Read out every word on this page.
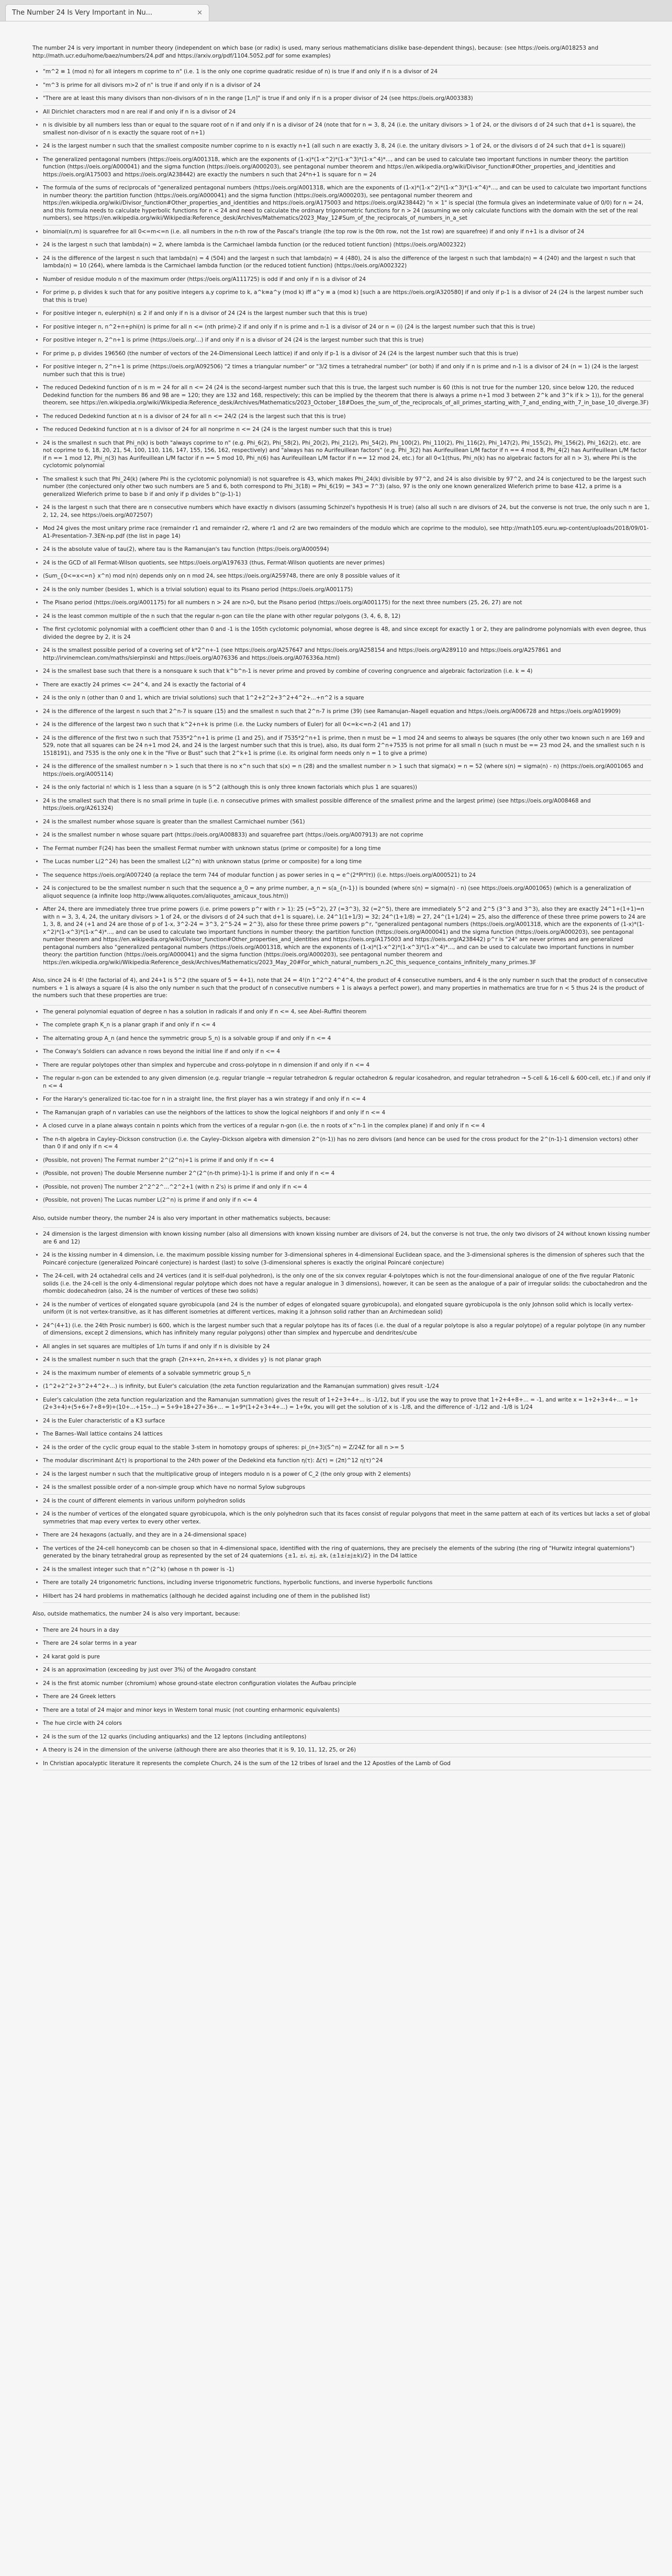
The Number 24 Is Very Important in Nu...	×

The number 24 is very important in number theory (independent on which base (or radix) is used, many serious mathematicians dislike base-dependent things), because: (see https://oeis.org/A018253 and http://math.ucr.edu/home/baez/numbers/24.pdf and https://arxiv.org/pdf/1104.5052.pdf for some examples)

• "m^2 ≡ 1 (mod n) for all integers m coprime to n" (i.e. 1 is the only one coprime quadratic residue of n) is true if and only if n is a divisor of 24
• "m^3 is prime for all divisors m>2 of n" is true if and only if n is a divisor of 24
• "There are at least this many divisors than non-divisors of n in the range [1,n]" is true if and only if n is a proper divisor of 24 (see https://oeis.org/A003383)
• All Dirichlet characters mod n are real if and only if n is a divisor of 24
• n is divisible by all numbers less than or equal to the square root of n if and only if n is a divisor of 24 (note that for n = 3, 8, 24 (i.e. the unitary divisors > 1 of 24, or the divisors d of 24 such that d+1 is square), the smallest non-divisor of n is exactly the square root of n+1)
• 24 is the largest number n such that the smallest composite number coprime to n is exactly n+1 (all such n are exactly 3, 8, 24 (i.e. the unitary divisors > 1 of 24, or the divisors d of 24 such that d+1 is square))
• The generalized pentagonal numbers (https://oeis.org/A001318, which are the exponents of (1-x)*(1-x^2)*(1-x^3)*(1-x^4)*..., and can be used to calculate two important functions in number theory: the partition function (https://oeis.org/A000041) and the sigma function (https://oeis.org/A000203), see pentagonal number theorem and https://en.wikipedia.org/wiki/Divisor_function#Other_properties_and_identities and https://oeis.org/A175003 and https://oeis.org/A238442) are exactly the numbers n such that 24*n+1 is square for n = 24
• The formula of the sums of reciprocals of "generalized pentagonal numbers (https://oeis.org/A001318, which are the exponents of (1-x)*(1-x^2)*(1-x^3)*(1-x^4)*..., and can be used to calculate two important functions in number theory: the partition function (https://oeis.org/A000041) and the sigma function (https://oeis.org/A000203), see pentagonal number theorem and https://en.wikipedia.org/wiki/Divisor_function#Other_properties_and_identities and https://oeis.org/A175003 and https://oeis.org/A238442) "n × 1" is special (the formula gives an indeterminate value of 0/0) for n = 24, and this formula needs to calculate hyperbolic functions for n < 24 and need to calculate the ordinary trigonometric functions for n > 24 (assuming we only calculate functions with the domain with the set of the real numbers), see https://en.wikipedia.org/wiki/Wikipedia:Reference_desk/Archives/Mathematics/2023_May_12#Sum_of_the_reciprocals_of_numbers_in_a_set
• binomial(n,m) is squarefree for all 0<=m<=n (i.e. all numbers in the n-th row of the Pascal's triangle (the top row is the 0th row, not the 1st row) are squarefree) if and only if n+1 is a divisor of 24
• 24 is the largest n such that lambda(n) = 2, where lambda is the Carmichael lambda function (or the reduced totient function) (https://oeis.org/A002322)
• 24 is the difference of the largest n such that lambda(n) = 4 (504) and the largest n such that lambda(n) = 4 (480), 24 is also the difference of the largest n such that lambda(n) = 4 (240) and the largest n such that lambda(n) = 10 (264), where lambda is the Carmichael lambda function (or the reduced totient function) (https://oeis.org/A002322)
• Number of residue modulo n of the maximum order (https://oeis.org/A111725) is odd if and only if n is a divisor of 24
• For prime p, p divides k such that for any positive integers a,y coprime to k, a^k≡a^y (mod k) iff a^y ≡ a (mod k) [such a are https://oeis.org/A320580] if and only if p-1 is a divisor of 24 (24 is the largest number such that this is true)
• For positive integer n, eulerphi(n) ≤ 2 if and only if n is a divisor of 24 (24 is the largest number such that this is true)
• For positive integer n, n^2+n+phi(n) is prime for all n <= (nth prime)-2 if and only if n is prime and n-1 is a divisor of 24 or n = (i) (24 is the largest number such that this is true)
• For positive integer n, 2^n+1 is prime (https://oeis.org/...) if and only if n is a divisor of 24 (24 is the largest number such that this is true)
• For prime p, p divides 196560 (the number of vectors of the 24-Dimensional Leech lattice) if and only if p-1 is a divisor of 24 (24 is the largest number such that this is true)
• For positive integer n, 2^n+1 is prime (https://oeis.org/A092506) "2 times a triangular number" or "3/2 times a tetrahedral number" (or both) if and only if n is prime and n-1 is a divisor of 24 (n = 1) (24 is the largest number such that this is true)
• The reduced Dedekind function of n is m = 24 for all n <= 24 (24 is the second-largest number such that this is true, the largest such number is 60 (this is not true for the number 120, since below 120, the reduced Dedekind function for the numbers 86 and 98 are = 120; they are 132 and 168, respectively; this can be implied by the theorem that there is always a prime n+1 mod 3 between 2^k and 3^k if k > 1)), for the general theorem, see https://en.wikipedia.org/wiki/Wikipedia:Reference_desk/Archives/Mathematics/2023_October_18#Does_the_sum_of_the_reciprocals_of_all_primes_starting_with_7_and_ending_with_7_in_base_10_diverge.3F)
• The reduced Dedekind function at n is a divisor of 24 for all n <= 24/2 (24 is the largest such that this is true)
• The reduced Dedekind function at n is a divisor of 24 for all nonprime n <= 24 (24 is the largest number such that this is true)
• 24 is the smallest n such that Phi_n(k) is both "always coprime to n" (e.g. Phi_6(2), Phi_58(2), Phi_20(2), Phi_21(2), Phi_54(2), Phi_100(2), Phi_110(2), Phi_116(2), Phi_147(2), Phi_155(2), Phi_156(2), Phi_162(2), etc. are not coprime to 6, 18, 20, 21, 54, 100, 110, 116, 147, 155, 156, 162, respectively) and "always has no Aurifeuillean factors" (e.g. Phi_3(2) has Aurifeuillean L/M factor if n == 4 mod 8, Phi_4(2) has Aurifeuillean L/M factor if n == 1 mod 12, Phi_n(3) has Aurifeuillean L/M factor if n == 5 mod 10, Phi_n(6) has Aurifeuillean L/M factor if n == 12 mod 24, etc.) for all 0<1(thus, Phi_n(k) has no algebraic factors for all n > 3), where Phi is the cyclotomic polynomial
• The smallest k such that Phi_24(k) (where Phi is the cyclotomic polynomial) is not squarefree is 43, which makes Phi_24(k) divisible by 97^2, and 24 is also divisible by 97^2, and 24 is conjectured to be the largest such number (the conjectured only other two such numbers are 5 and 6, both correspond to Phi_3(18) = Phi_6(19) = 343 = 7^3) (also, 97 is the only one known generalized Wieferich prime to base 412, a prime is a generalized Wieferich prime to base b if and only if p divides b^(p-1)-1)
• 24 is the largest n such that there are n consecutive numbers which have exactly n divisors (assuming Schinzel's hypothesis H is true) (also all such n are divisors of 24, but the converse is not true, the only such n are 1, 2, 12, 24, see https://oeis.org/A072507)
• Mod 24 gives the most unitary prime race (remainder r1 and remainder r2, where r1 and r2 are two remainders of the modulo which are coprime to the modulo), see http://math105.euru.wp-content/uploads/2018/09/01-A1-Presentation-7.3EN-np.pdf (the list in page 14)
• 24 is the absolute value of tau(2), where tau is the Ramanujan's tau function (https://oeis.org/A000594)
• 24 is the GCD of all Fermat-Wilson quotients, see https://oeis.org/A197633 (thus, Fermat-Wilson quotients are never primes)
• (Sum_{0<=x<=n} x^n) mod n(n) depends only on n mod 24, see https://oeis.org/A259748, there are only 8 possible values of it
• 24 is the only number (besides 1, which is a trivial solution) equal to its Pisano period (https://oeis.org/A001175)
• The Pisano period (https://oeis.org/A001175) for all numbers n > 24 are n>0, but the Pisano period (https://oeis.org/A001175) for the next three numbers (25, 26, 27) are not
• 24 is the least common multiple of the n such that the regular n-gon can tile the plane with other regular polygons (3, 4, 6, 8, 12)
• The first cyclotomic polynomial with a coefficient other than 0 and -1 is the 105th cyclotomic polynomial, whose degree is 48, and since except for exactly 1 or 2, they are palindrome polynomials with even degree, thus divided the degree by 2, it is 24
• 24 is the smallest possible period of a covering set of k*2^n+-1 (see https://oeis.org/A257647 and https://oeis.org/A258154 and https://oeis.org/A289110 and https://oeis.org/A257861 and http://irvinemclean.com/maths/sierpinski and https://oeis.org/A076336 and https://oeis.org/A076336a.html)
• 24 is the smallest base such that there is a nonsquare k such that k^b^n-1 is never prime and proved by combine of covering congruence and algebraic factorization (i.e. k = 4)
• There are exactly 24 primes <= 24^4, and 24 is exactly the factorial of 4
• 24 is the only n (other than 0 and 1, which are trivial solutions) such that 1^2+2^2+3^2+4^2+...+n^2 is a square
• 24 is the difference of the largest n such that 2^n-7 is square (15) and the smallest n such that 2^n-7 is prime (39) (see Ramanujan–Nagell equation and https://oeis.org/A006728 and https://oeis.org/A019909)
• 24 is the difference of the largest two n such that k^2+n+k is prime (i.e. the Lucky numbers of Euler) for all 0<=k<=n-2 (41 and 17)
• 24 is the difference of the first two n such that 7535*2^n+1 is prime (1 and 25), and if 7535*2^n+1 is prime, then n must be = 1 mod 24 and seems to always be squares (the only other two known such n are 169 and 529, note that all squares can be 24 n+1 mod 24, and 24 is the largest number such that this is true), also, its dual form 2^n+7535 is not prime for all small n (such n must be == 23 mod 24, and the smallest such n is 1518191), and 7535 is the only one k in the "Five or Bust" such that 2^k+1 is prime (i.e. its original form needs only n = 1 to give a prime)
• 24 is the difference of the smallest number n > 1 such that there is no x^n such that s(x) = n (28) and the smallest number n > 1 such that sigma(x) = n = 52 (where s(n) = sigma(n) - n) (https://oeis.org/A001065 and https://oeis.org/A005114)
• 24 is the only factorial n! which is 1 less than a square (n is 5^2 (although this is only three known factorials which plus 1 are squares))
• 24 is the smallest such that there is no small prime in tuple (i.e. n consecutive primes with smallest possible difference of the smallest prime and the largest prime) (see https://oeis.org/A008468 and https://oeis.org/A261324)
• 24 is the smallest number whose square is greater than the smallest Carmichael number (561)
• 24 is the smallest number n whose square part (https://oeis.org/A008833) and squarefree part (https://oeis.org/A007913) are not coprime
• The Fermat number F(24) has been the smallest Fermat number with unknown status (prime or composite) for a long time
• The Lucas number L(2^24) has been the smallest L(2^n) with unknown status (prime or composite) for a long time
• The sequence https://oeis.org/A007240 (a replace the term 744 of modular function j as power series in q = e^(2*Pi*Iτ)) (i.e. https://oeis.org/A000521) to 24
• 24 is conjectured to be the smallest number n such that the sequence a_0 = any prime number, a_n = s(a_{n-1}) is bounded (where s(n) = sigma(n) - n) (see https://oeis.org/A001065) (which is a generalization of aliquot sequence (a infinite loop http://www.aliquotes.com/aliquotes_amicaux_tous.htm))
• After 24, there are immediately three true prime powers (i.e. prime powers p^r with r > 1): 25 (=5^2), 27 (=3^3), 32 (=2^5), there are immediately 5^2 and 2^5 (3^3 and 3^3), also they are exactly 24^1+(1+1)=n with n = 3, 3, 4, 24, the unitary divisors > 1 of 24, or the divisors d of 24 such that d+1 is square), i.e. 24^1(1+1/3) = 32; 24^(1+1/8) = 27, 24^(1+1/24) = 25, also the difference of these three prime powers to 24 are 1, 3, 8, and 24 (+1 and 24 are those of p of 1-x, 3^2-24 = 3^3, 2^5-24 = 2^3), also for these three prime powers p^r, "generalized pentagonal numbers (https://oeis.org/A001318, which are the exponents of (1-x)*(1-x^2)*(1-x^3)*(1-x^4)*..., and can be used to calculate two important functions in number theory: the partition function (https://oeis.org/A000041) and the sigma function (https://oeis.org/A000203), see pentagonal number theorem and https://en.wikipedia.org/wiki/Divisor_function#Other_properties_and_identities and https://oeis.org/A175003 and https://oeis.org/A238442) p^r is "24" are never primes and are generalized pentagonal numbers also "generalized pentagonal numbers (https://oeis.org/A001318, which are the exponents of (1-x)*(1-x^2)*(1-x^3)*(1-x^4)*..., and can be used to calculate two important functions in number theory: the partition function (https://oeis.org/A000041) and the sigma function (https://oeis.org/A000203), see pentagonal number theorem and https://en.wikipedia.org/wiki/Wikipedia:Reference_desk/Archives/Mathematics/2023_May_20#For_which_natural_numbers_n.2C_this_sequence_contains_infinitely_many_primes.3F

Also, since 24 is 4! (the factorial of 4), and 24+1 is 5^2 (the square of 5 = 4+1), note that 24 = 4!(n 1^2^2 4^4^4, the product of 4 consecutive numbers, and 4 is the only number n such that the product of n consecutive numbers + 1 is always a square (4 is also the only number n such that the product of n consecutive numbers + 1 is always a perfect power), and many properties in mathematics are true for n < 5 thus 24 is the product of the numbers such that these properties are true:

• The general polynomial equation of degree n has a solution in radicals if and only if n <= 4, see Abel–Ruffini theorem
• The complete graph K_n is a planar graph if and only if n <= 4
• The alternating group A_n (and hence the symmetric group S_n) is a solvable group if and only if n <= 4
• The Conway's Soldiers can advance n rows beyond the initial line if and only if n <= 4
• There are regular polytopes other than simplex and hypercube and cross-polytope in n dimension if and only if n <= 4
• The regular n-gon can be extended to any given dimension (e.g. regular triangle → regular tetrahedron & regular octahedron & regular icosahedron, and regular tetrahedron → 5-cell & 16-cell & 600-cell, etc.) if and only if n <= 4
• For the Harary's generalized tic-tac-toe for n in a straight line, the first player has a win strategy if and only if n <= 4
• The Ramanujan graph of n variables can use the neighbors of the lattices to show the logical neighbors if and only if n <= 4
• A closed curve in a plane always contain n points which from the vertices of a regular n-gon (i.e. the n roots of x^n-1 in the complex plane) if and only if n <= 4
• The n-th algebra in Cayley–Dickson construction (i.e. the Cayley–Dickson algebra with dimension 2^(n-1)) has no zero divisors (and hence can be used for the cross product for the 2^(n-1)-1 dimension vectors) other than 0 if and only if n <= 4
• (Possible, not proven) The Fermat number 2^(2^n)+1 is prime if and only if n <= 4
• (Possible, not proven) The double Mersenne number 2^(2^(n-th prime)-1)-1 is prime if and only if n <= 4
• (Possible, not proven) The number 2^2^2^...^2^2+1 (with n 2's) is prime if and only if n <= 4
• (Possible, not proven) The Lucas number L(2^n) is prime if and only if n <= 4

Also, outside number theory, the number 24 is also very important in other mathematics subjects, because:

• 24 dimension is the largest dimension with known kissing number (also all dimensions with known kissing number are divisors of 24, but the converse is not true, the only two divisors of 24 without known kissing number are 6 and 12)
• 24 is the kissing number in 4 dimension, i.e. the maximum possible kissing number for 3-dimensional spheres in 4-dimensional Euclidean space, and the 3-dimensional spheres is the dimension of spheres such that the Poincaré conjecture (generalized Poincaré conjecture) is hardest (last) to solve (3-dimensional spheres is exactly the original Poincaré conjecture)
• The 24-cell, with 24 octahedral cells and 24 vertices (and it is self-dual polyhedron), is the only one of the six convex regular 4-polytopes which is not the four-dimensional analogue of one of the five regular Platonic solids (i.e. the 24-cell is the only 4-dimensional regular polytope which does not have a regular analogue in 3 dimensions), however, it can be seen as the analogue of a pair of irregular solids: the cuboctahedron and the rhombic dodecahedron (also, 24 is the number of vertices of these two solids)
• 24 is the number of vertices of elongated square gyrobicupola (and 24 is the number of edges of elongated square gyrobicupola), and elongated square gyrobicupola is the only Johnson solid which is locally vertex-uniform (it is not vertex-transitive, as it has different isometries at different vertices, making it a Johnson solid rather than an Archimedean solid)
• 24^(4+1) (i.e. the 24th Prosic number) is 600, which is the largest number such that a regular polytope has its of faces (i.e. the dual of a regular polytope is also a regular polytope) of a regular polytope (in any number of dimensions, except 2 dimensions, which has infinitely many regular polygons) other than simplex and hypercube and dendrites/cube
• All angles in set squares are multiples of 1/n turns if and only if n is divisible by 24
• 24 is the smallest number n such that the graph {2n+x+n, 2n+x+n, x divides y} is not planar graph
• 24 is the maximum number of elements of a solvable symmetric group S_n
• (1^2+2^2+3^2+4^2+...) is infinity, but Euler's calculation (the zeta function regularization and the Ramanujan summation) gives result -1/24
• Euler's calculation (the zeta function regularization and the Ramanujan summation) gives the result of 1+2+3+4+... is -1/12, but if you use the way to prove that 1+2+4+8+... = -1, and write x = 1+2+3+4+... = 1+(2+3+4)+(5+6+7+8+9)+(10+...+15+...) = 5+9+18+27+36+... = 1+9*(1+2+3+4+...) = 1+9x, you will get the solution of x is -1/8, and the difference of -1/12 and -1/8 is 1/24
• 24 is the Euler characteristic of a K3 surface
• The Barnes–Wall lattice contains 24 lattices
• 24 is the order of the cyclic group equal to the stable 3-stem in homotopy groups of spheres: pi_(n+3)(S^n) = Z/24Z for all n >= 5
• The modular discriminant Δ(τ) is proportional to the 24th power of the Dedekind eta function η(τ): Δ(τ) = (2π)^12 η(τ)^24
• 24 is the largest number n such that the multiplicative group of integers modulo n is a power of C_2 (the only group with 2 elements)
• 24 is the smallest possible order of a non-simple group which have no normal Sylow subgroups
• 24 is the count of different elements in various uniform polyhedron solids
• 24 is the number of vertices of the elongated square gyrobicupola, which is the only polyhedron such that its faces consist of regular polygons that meet in the same pattern at each of its vertices but lacks a set of global symmetries that map every vertex to every other vertex.
• There are 24 hexagons (actually, and they are in a 24-dimensional space)
• The vertices of the 24-cell honeycomb can be chosen so that in 4-dimensional space, identified with the ring of quaternions, they are precisely the elements of the subring (the ring of "Hurwitz integral quaternions") generated by the binary tetrahedral group as represented by the set of 24 quaternions {±1, ±i, ±j, ±k, (±1±i±j±k)/2} in the D4 lattice
• 24 is the smallest integer such that n^(2^k) (whose n th power is -1)
• There are totally 24 trigonometric functions, including inverse trigonometric functions, hyperbolic functions, and inverse hyperbolic functions
• Hilbert has 24 hard problems in mathematics (although he decided against including one of them in the published list)

Also, outside mathematics, the number 24 is also very important, because:

• There are 24 hours in a day
• There are 24 solar terms in a year
• 24 karat gold is pure
• 24 is an approximation (exceeding by just over 3%) of the Avogadro constant
• 24 is the first atomic number (chromium) whose ground-state electron configuration violates the Aufbau principle
• There are 24 Greek letters
• There are a total of 24 major and minor keys in Western tonal music (not counting enharmonic equivalents)
• The hue circle with 24 colors
• 24 is the sum of the 12 quarks (including antiquarks) and the 12 leptons (including antileptons)
• A theory is 24 in the dimension of the universe (although there are also theories that it is 9, 10, 11, 12, 25, or 26)
• In Christian apocalyptic literature it represents the complete Church, 24 is the sum of the 12 tribes of Israel and the 12 Apostles of the Lamb of God
